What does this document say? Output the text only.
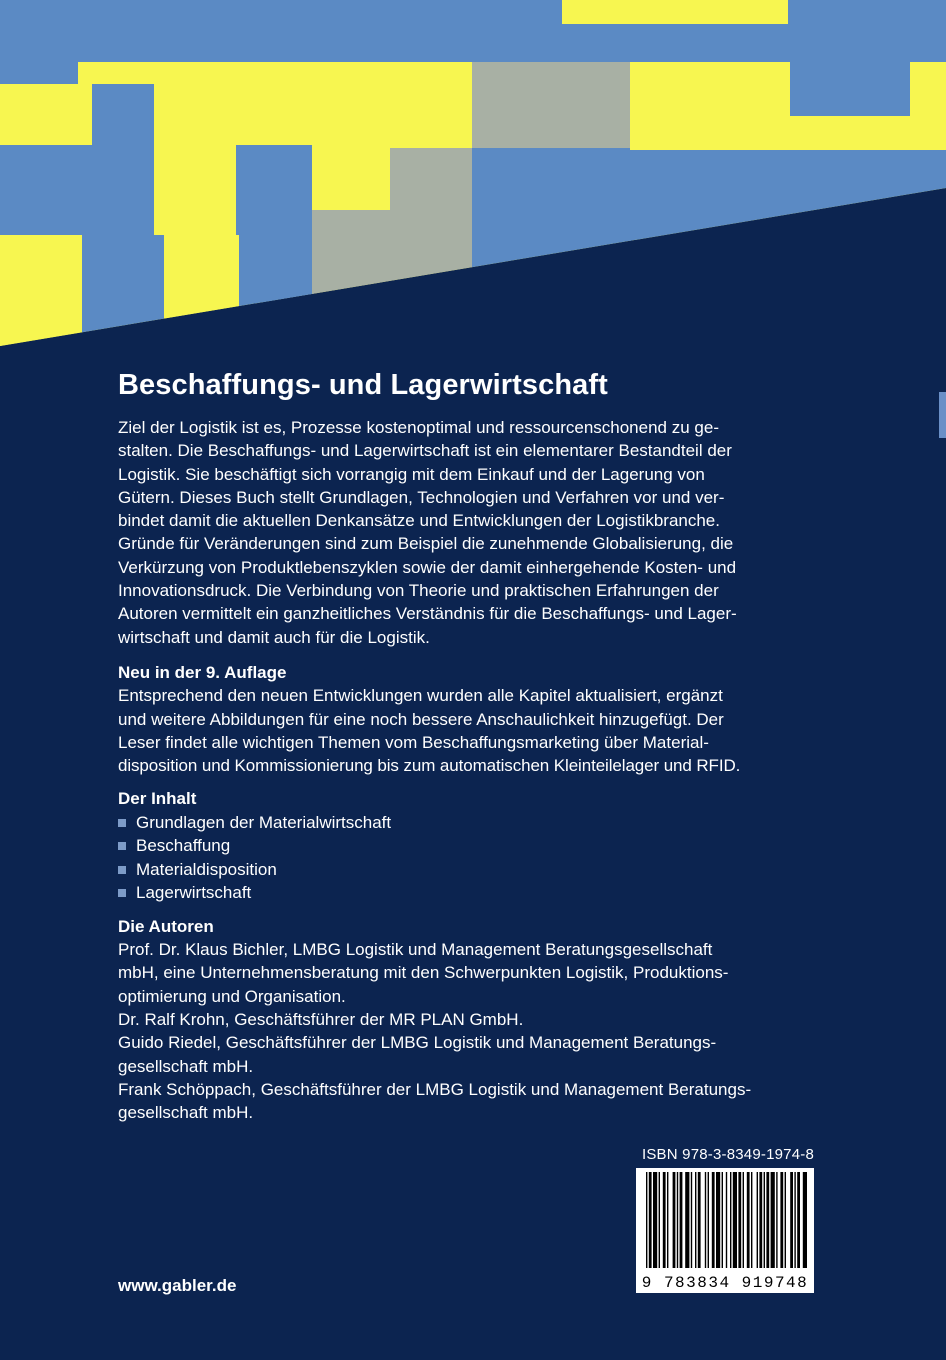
Beschaffungs- und Lagerwirtschaft
Ziel der Logistik ist es, Prozesse kostenoptimal und ressourcenschonend zu ge-
stalten. Die Beschaffungs- und Lagerwirtschaft ist ein elementarer Bestandteil der
Logistik. Sie beschäftigt sich vorrangig mit dem Einkauf und der Lagerung von
Gütern. Dieses Buch stellt Grundlagen, Technologien und Verfahren vor und ver-
bindet damit die aktuellen Denkansätze und Entwicklungen der Logistikbranche.
Gründe für Veränderungen sind zum Beispiel die zunehmende Globalisierung, die
Verkürzung von Produktlebenszyklen sowie der damit einhergehende Kosten- und
Innovationsdruck. Die Verbindung von Theorie und praktischen Erfahrungen der
Autoren vermittelt ein ganzheitliches Verständnis für die Beschaffungs- und Lager-
wirtschaft und damit auch für die Logistik.
Neu in der 9. Auflage
Entsprechend den neuen Entwicklungen wurden alle Kapitel aktualisiert, ergänzt
und weitere Abbildungen für eine noch bessere Anschaulichkeit hinzugefügt. Der
Leser findet alle wichtigen Themen vom Beschaffungsmarketing über Material-
disposition und Kommissionierung bis zum automatischen Kleinteilelager und RFID.
Der Inhalt
Grundlagen der Materialwirtschaft
Beschaffung
Materialdisposition
Lagerwirtschaft
Die Autoren
Prof. Dr. Klaus Bichler, LMBG Logistik und Management Beratungsgesellschaft
mbH, eine Unternehmensberatung mit den Schwerpunkten Logistik, Produktions-
optimierung und Organisation.
Dr. Ralf Krohn, Geschäftsführer der MR PLAN GmbH.
Guido Riedel, Geschäftsführer der LMBG Logistik und Management Beratungs-
gesellschaft mbH.
Frank Schöppach, Geschäftsführer der LMBG Logistik und Management Beratungs-
gesellschaft mbH.
ISBN 978-3-8349-1974-8
9 783834 919748
www.gabler.de
